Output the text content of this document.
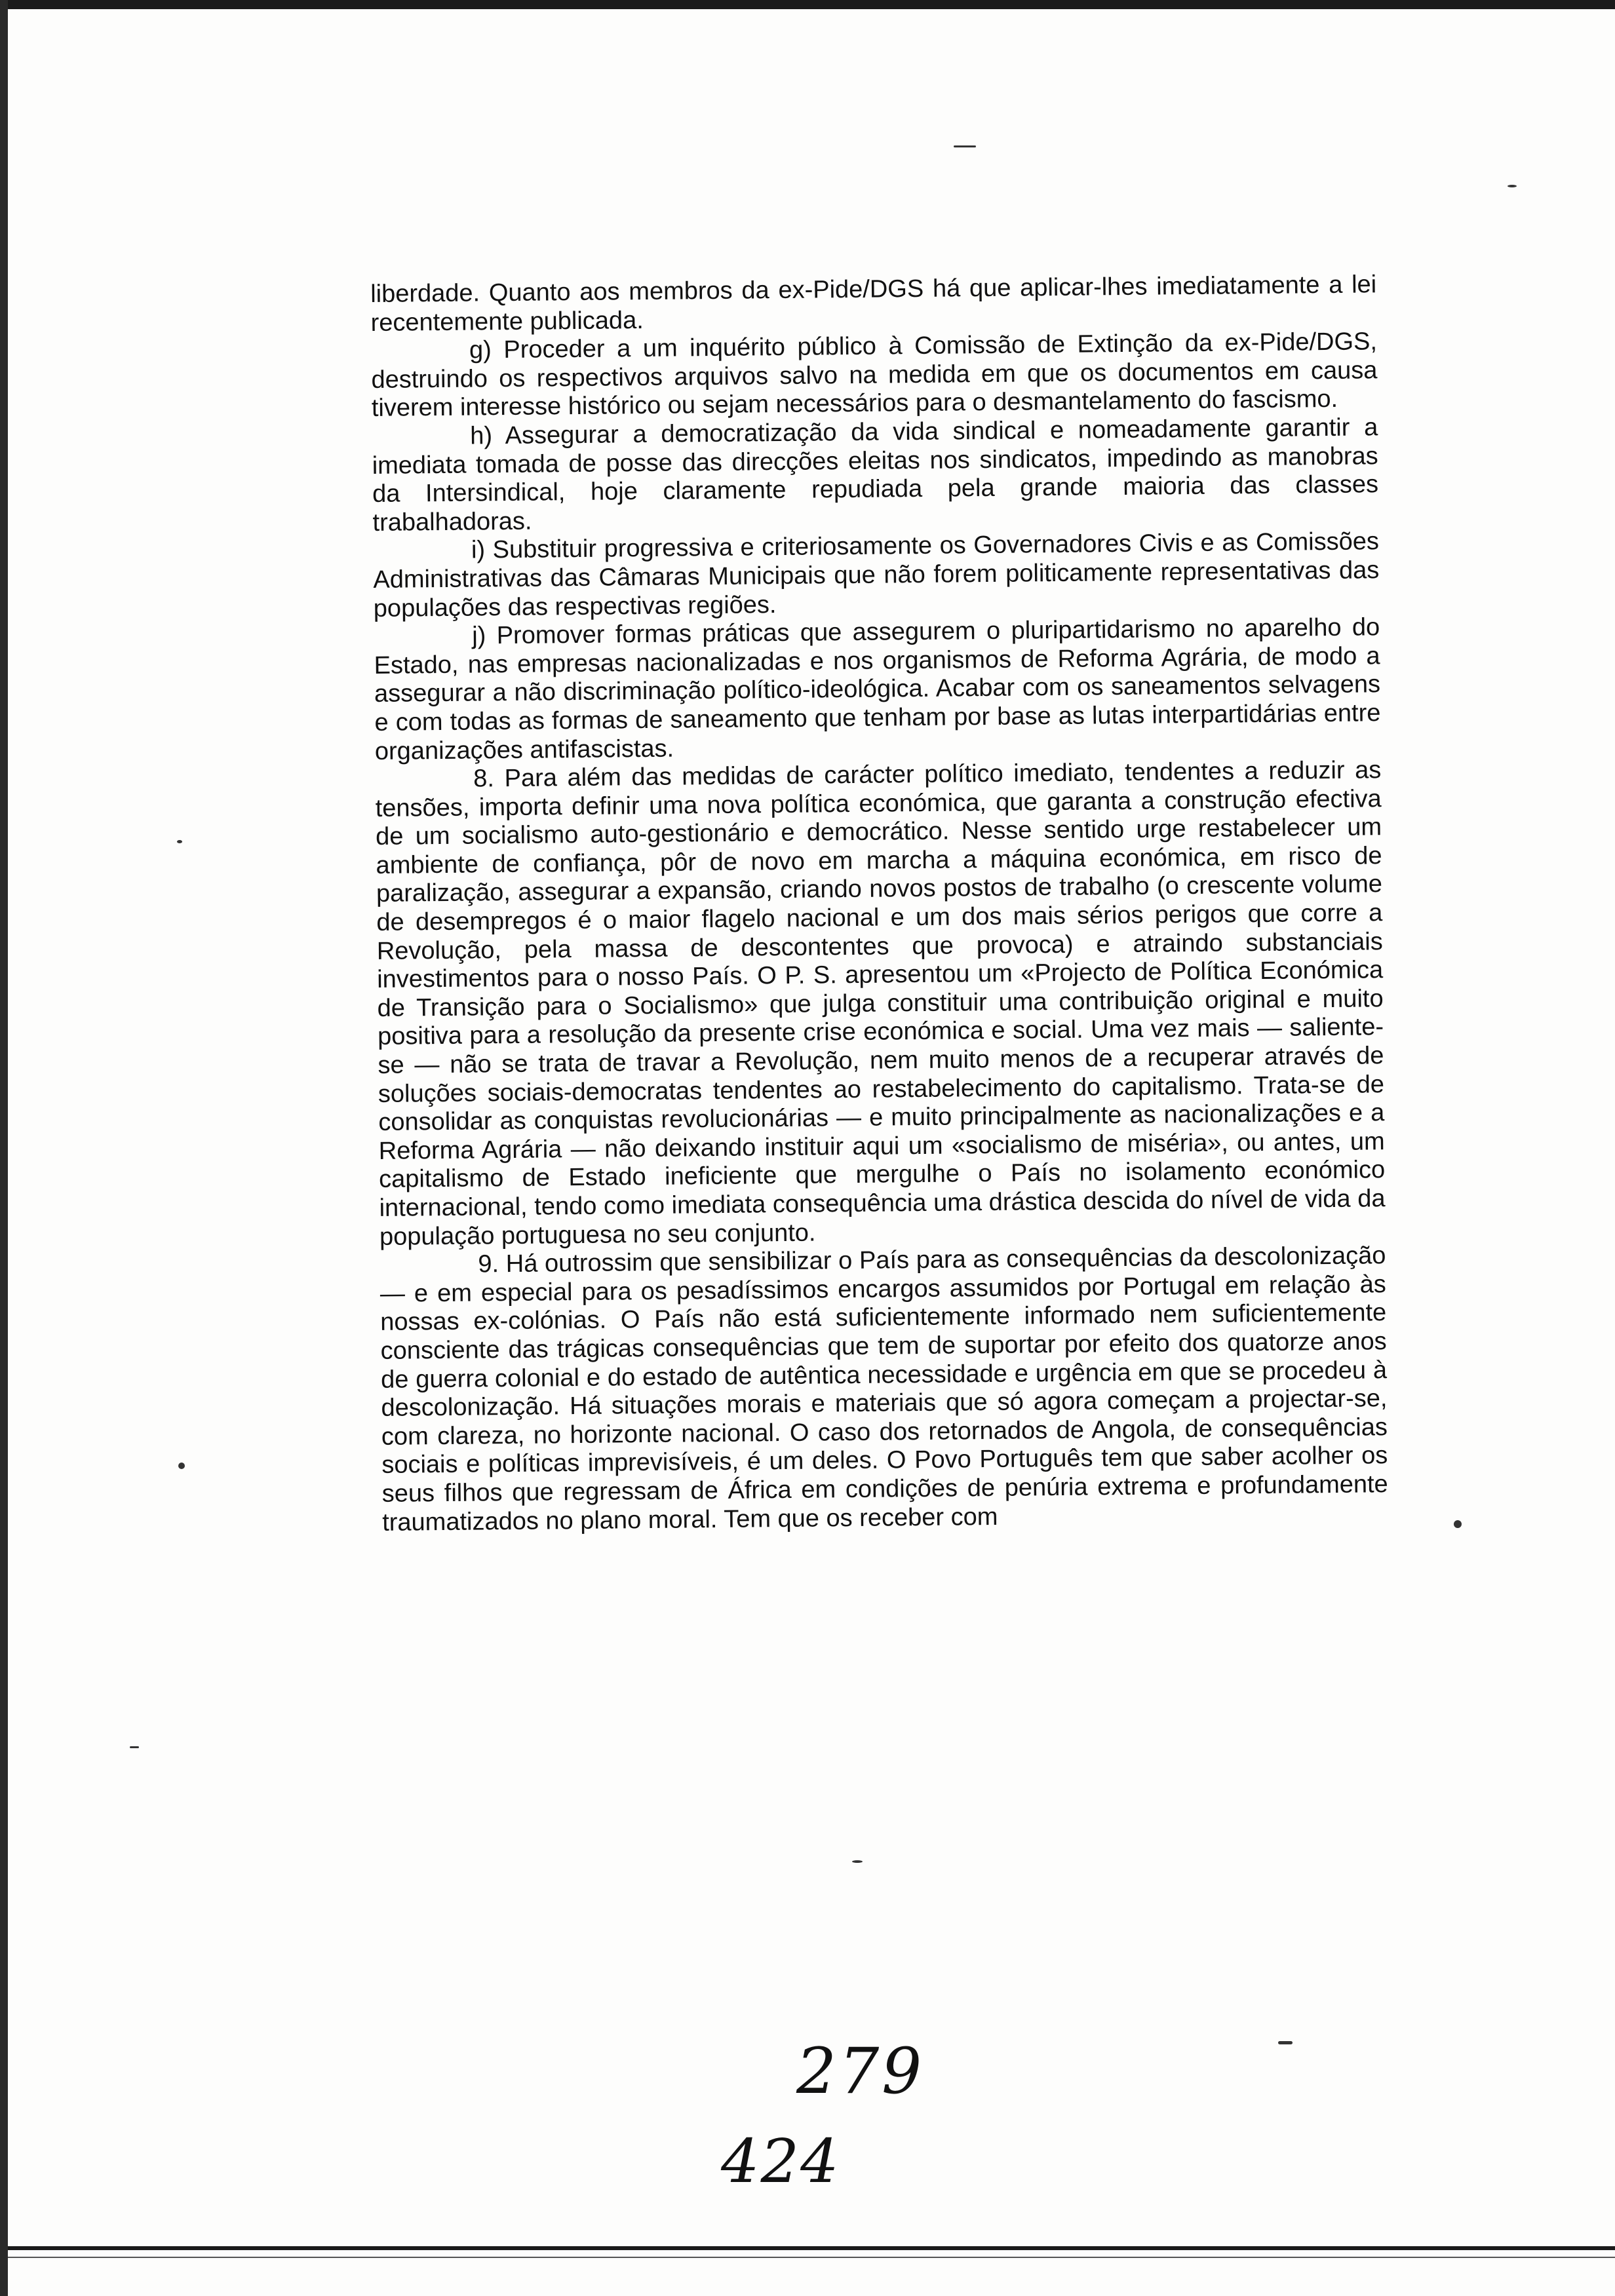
liberdade. Quanto aos membros da ex-Pide/DGS há que aplicar-lhes imediatamente a lei recentemente publicada.

g) Proceder a um inquérito público à Comissão de Extinção da ex-Pide/DGS, destruindo os respectivos arquivos salvo na medida em que os documentos em causa tiverem interesse histórico ou sejam necessários para o desmantelamento do fascismo.

h) Assegurar a democratização da vida sindical e nomeadamente garantir a imediata tomada de posse das direcções eleitas nos sindicatos, impedindo as manobras da Intersindical, hoje claramente repudiada pela grande maioria das classes trabalhadoras.

i) Substituir progressiva e criteriosamente os Governadores Civis e as Comissões Administrativas das Câmaras Municipais que não forem politicamente representativas das populações das respectivas regiões.

j) Promover formas práticas que assegurem o pluripartidarismo no aparelho do Estado, nas empresas nacionalizadas e nos organismos de Reforma Agrária, de modo a assegurar a não discriminação político-ideológica. Acabar com os saneamentos selvagens e com todas as formas de saneamento que tenham por base as lutas interpartidárias entre organizações antifascistas.

8. Para além das medidas de carácter político imediato, tendentes a reduzir as tensões, importa definir uma nova política económica, que garanta a construção efectiva de um socialismo auto-gestionário e democrático. Nesse sentido urge restabelecer um ambiente de confiança, pôr de novo em marcha a máquina económica, em risco de paralização, assegurar a expansão, criando novos postos de trabalho (o crescente volume de desempregos é o maior flagelo nacional e um dos mais sérios perigos que corre a Revolução, pela massa de descontentes que provoca) e atraindo substanciais investimentos para o nosso País. O P. S. apresentou um «Projecto de Política Económica de Transição para o Socialismo» que julga constituir uma contribuição original e muito positiva para a resolução da presente crise económica e social. Uma vez mais — saliente-se — não se trata de travar a Revolução, nem muito menos de a recuperar através de soluções sociais-democratas tendentes ao restabelecimento do capitalismo. Trata-se de consolidar as conquistas revolucionárias — e muito principalmente as nacionalizações e a Reforma Agrária — não deixando instituir aqui um «socialismo de miséria», ou antes, um capitalismo de Estado ineficiente que mergulhe o País no isolamento económico internacional, tendo como imediata consequência uma drástica descida do nível de vida da população portuguesa no seu conjunto.

9. Há outrossim que sensibilizar o País para as consequências da descolonização — e em especial para os pesadíssimos encargos assumidos por Portugal em relação às nossas ex-colónias. O País não está suficientemente informado nem suficientemente consciente das trágicas consequências que tem de suportar por efeito dos quatorze anos de guerra colonial e do estado de autêntica necessidade e urgência em que se procedeu à descolonização. Há situações morais e materiais que só agora começam a projectar-se, com clareza, no horizonte nacional. O caso dos retornados de Angola, de consequências sociais e políticas imprevisíveis, é um deles. O Povo Português tem que saber acolher os seus filhos que regressam de África em condições de penúria extrema e profundamente traumatizados no plano moral. Tem que os receber com

279
424
